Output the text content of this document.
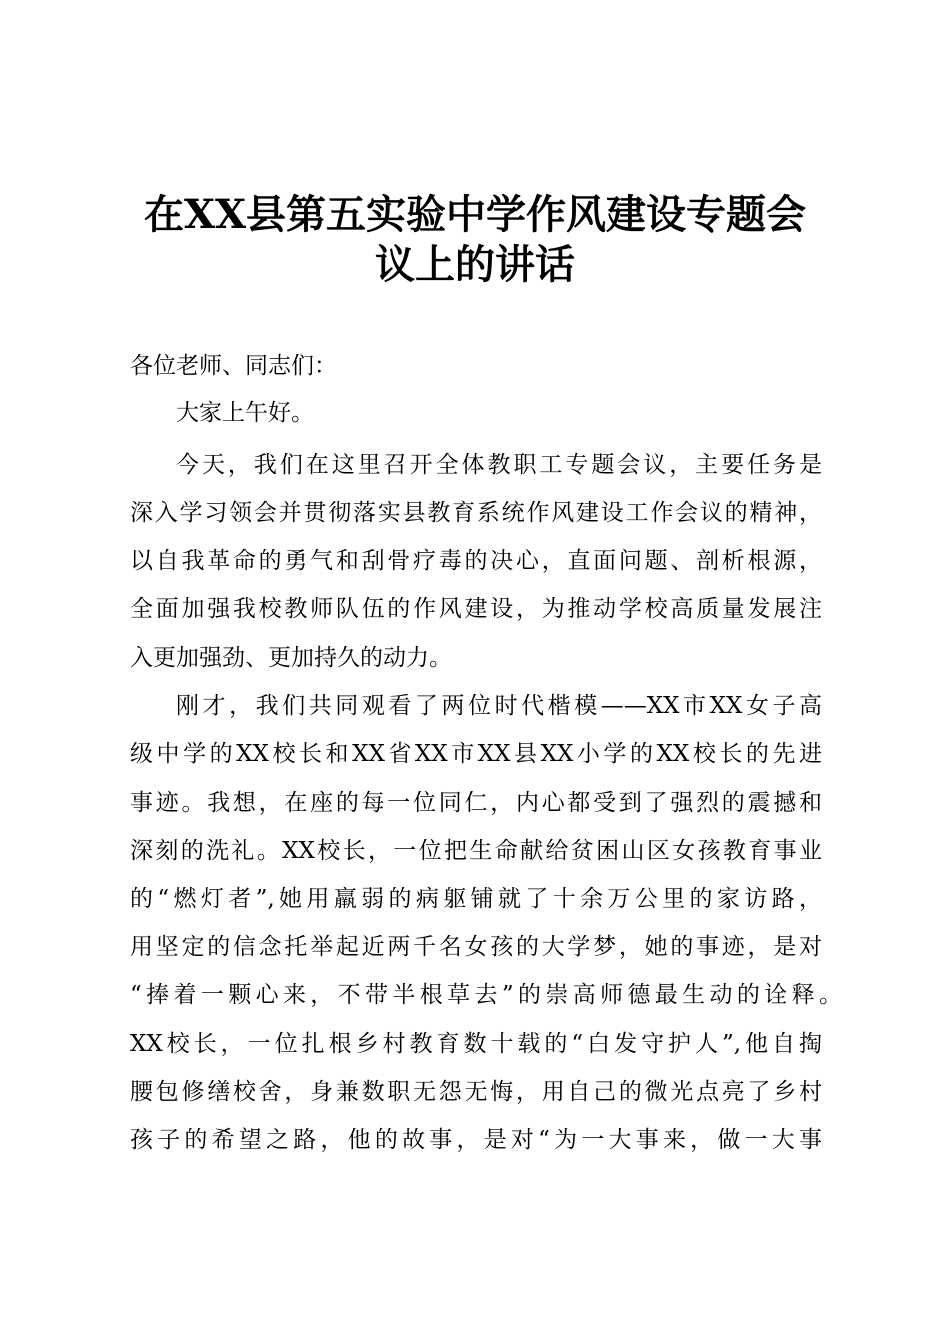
在XX县第五实验中学作风建设专题会
议上的讲话
各位老师、同志们：
大家上午好。
今天，我们在这里召开全体教职工专题会议，主要任务是
深入学习领会并贯彻落实县教育系统作风建设工作会议的精神，
以自我革命的勇气和刮骨疗毒的决心，直面问题、剖析根源，
全面加强我校教师队伍的作风建设，为推动学校高质量发展注
入更加强劲、更加持久的动力。
刚才，我们共同观看了两位时代楷模——XX市XX女子高
级中学的XX校长和XX省XX市XX县XX小学的XX校长的先进
事迹。我想，在座的每一位同仁，内心都受到了强烈的震撼和
深刻的洗礼。XX校长，一位把生命献给贫困山区女孩教育事业
的“燃灯者”,她用羸弱的病躯铺就了十余万公里的家访路，
用坚定的信念托举起近两千名女孩的大学梦，她的事迹，是对
“捧着一颗心来，不带半根草去”的崇高师德最生动的诠释。
XX校长，一位扎根乡村教育数十载的“白发守护人”,他自掏
腰包修缮校舍，身兼数职无怨无悔，用自己的微光点亮了乡村
孩子的希望之路，他的故事，是对“为一大事来，做一大事
